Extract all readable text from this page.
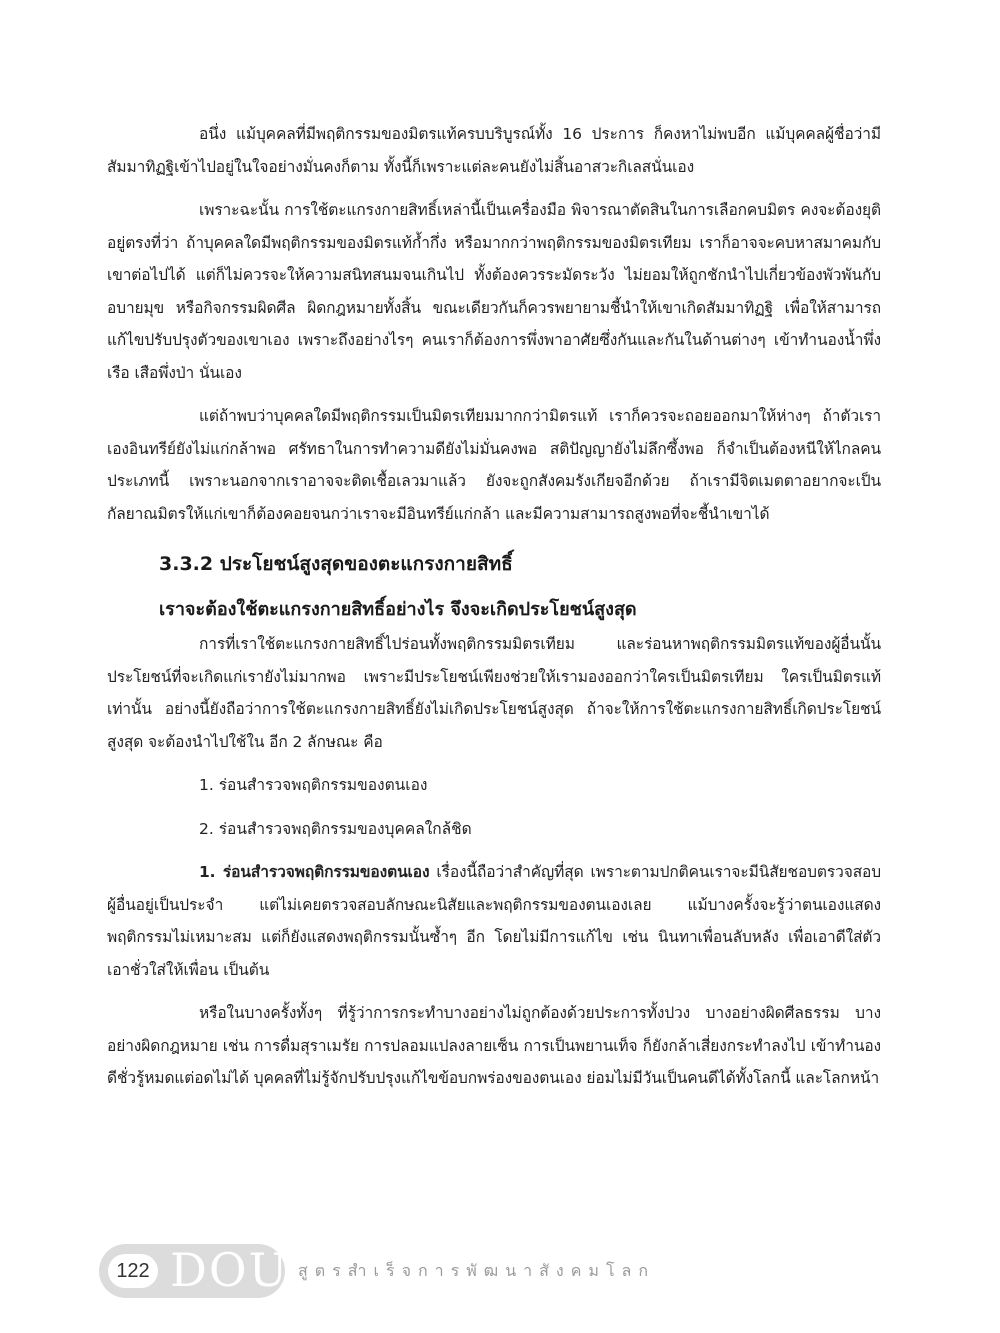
อนึ่ง แม้บุคคลที่มีพฤติกรรมของมิตรแท้ครบบริบูรณ์ทั้ง 16 ประการ ก็คงหาไม่พบอีก แม้บุคคลผู้ชื่อว่ามีสัมมาทิฏฐิเข้าไปอยู่ในใจอย่างมั่นคงก็ตาม ทั้งนี้ก็เพราะแต่ละคนยังไม่สิ้นอาสวะกิเลสนั่นเอง

เพราะฉะนั้น การใช้ตะแกรงกายสิทธิ์เหล่านี้เป็นเครื่องมือ พิจารณาตัดสินในการเลือกคบมิตร คงจะต้องยุติอยู่ตรงที่ว่า ถ้าบุคคลใดมีพฤติกรรมของมิตรแท้ก้ำกึ่ง หรือมากกว่าพฤติกรรมของมิตรเทียม เราก็อาจจะคบหาสมาคมกับเขาต่อไปได้ แต่ก็ไม่ควรจะให้ความสนิทสนมจนเกินไป ทั้งต้องควรระมัดระวัง ไม่ยอมให้ถูกชักนำไปเกี่ยวข้องพัวพันกับอบายมุข หรือกิจกรรมผิดศีล ผิดกฎหมายทั้งสิ้น ขณะเดียวกันก็ควรพยายามชี้นำให้เขาเกิดสัมมาทิฏฐิ เพื่อให้สามารถแก้ไขปรับปรุงตัวของเขาเอง เพราะถึงอย่างไรๆ คนเราก็ต้องการพึ่งพาอาศัยซึ่งกันและกันในด้านต่างๆ เข้าทำนองน้ำพึ่งเรือ เสือพึ่งป่า นั่นเอง

แต่ถ้าพบว่าบุคคลใดมีพฤติกรรมเป็นมิตรเทียมมากกว่ามิตรแท้ เราก็ควรจะถอยออกมาให้ห่างๆ ถ้าตัวเราเองอินทรีย์ยังไม่แก่กล้าพอ ศรัทธาในการทำความดียังไม่มั่นคงพอ สติปัญญายังไม่ลึกซึ้งพอ ก็จำเป็นต้องหนีให้ไกลคนประเภทนี้ เพราะนอกจากเราอาจจะติดเชื้อเลวมาแล้ว ยังจะถูกสังคมรังเกียจอีกด้วย ถ้าเรามีจิตเมตตาอยากจะเป็นกัลยาณมิตรให้แก่เขาก็ต้องคอยจนกว่าเราจะมีอินทรีย์แก่กล้า และมีความสามารถสูงพอที่จะชี้นำเขาได้

3.3.2 ประโยชน์สูงสุดของตะแกรงกายสิทธิ์
เราจะต้องใช้ตะแกรงกายสิทธิ์อย่างไร จึงจะเกิดประโยชน์สูงสุด

การที่เราใช้ตะแกรงกายสิทธิ์ไปร่อนทั้งพฤติกรรมมิตรเทียม และร่อนหาพฤติกรรมมิตรแท้ของผู้อื่นนั้น ประโยชน์ที่จะเกิดแก่เรายังไม่มากพอ เพราะมีประโยชน์เพียงช่วยให้เรามองออกว่าใครเป็นมิตรเทียม ใครเป็นมิตรแท้เท่านั้น อย่างนี้ยังถือว่าการใช้ตะแกรงกายสิทธิ์ยังไม่เกิดประโยชน์สูงสุด ถ้าจะให้การใช้ตะแกรงกายสิทธิ์เกิดประโยชน์สูงสุด จะต้องนำไปใช้ใน อีก 2 ลักษณะ คือ

1. ร่อนสำรวจพฤติกรรมของตนเอง
2. ร่อนสำรวจพฤติกรรมของบุคคลใกล้ชิด

1. ร่อนสำรวจพฤติกรรมของตนเอง เรื่องนี้ถือว่าสำคัญที่สุด เพราะตามปกติคนเราจะมีนิสัยชอบตรวจสอบผู้อื่นอยู่เป็นประจำ แต่ไม่เคยตรวจสอบลักษณะนิสัยและพฤติกรรมของตนเองเลย แม้บางครั้งจะรู้ว่าตนเองแสดงพฤติกรรมไม่เหมาะสม แต่ก็ยังแสดงพฤติกรรมนั้นซ้ำๆ อีก โดยไม่มีการแก้ไข เช่น นินทาเพื่อนลับหลัง เพื่อเอาดีใส่ตัว เอาชั่วใส่ให้เพื่อน เป็นต้น

หรือในบางครั้งทั้งๆ ที่รู้ว่าการกระทำบางอย่างไม่ถูกต้องด้วยประการทั้งปวง บางอย่างผิดศีลธรรม บางอย่างผิดกฎหมาย เช่น การดื่มสุราเมรัย การปลอมแปลงลายเซ็น การเป็นพยานเท็จ ก็ยังกล้าเสี่ยงกระทำลงไป เข้าทำนองดีชั่วรู้หมดแต่อดไม่ได้ บุคคลที่ไม่รู้จักปรับปรุงแก้ไขข้อบกพร่องของตนเอง ย่อมไม่มีวันเป็นคนดีได้ทั้งโลกนี้ และโลกหน้า

122 DOU สูตรสำเร็จการพัฒนาสังคมโลก
